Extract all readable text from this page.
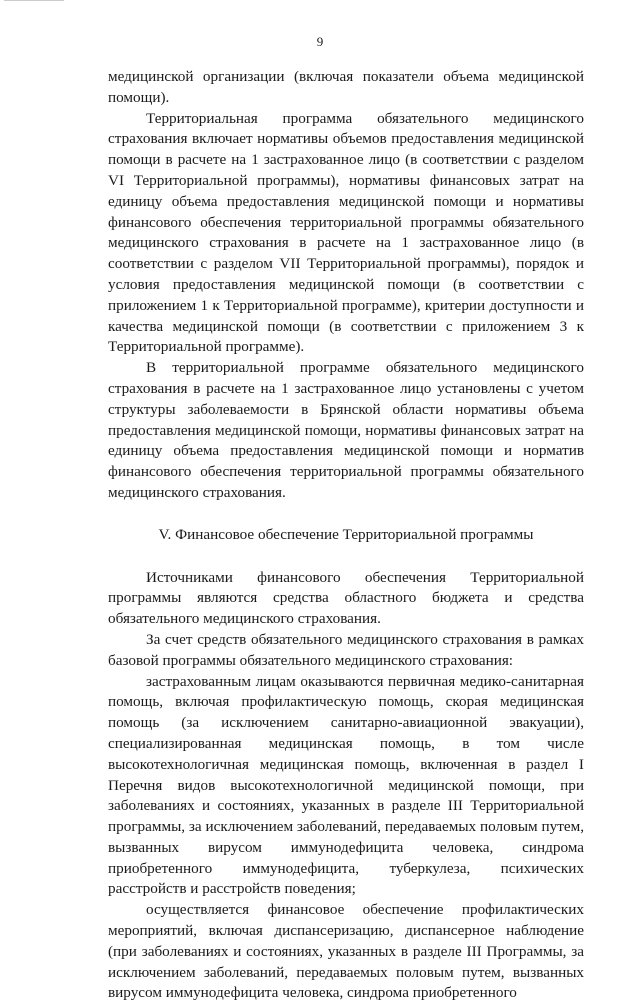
9

медицинской организации (включая показатели объема медицинской помощи).

Территориальная программа обязательного медицинского страхования включает нормативы объемов предоставления медицинской помощи в расчете на 1 застрахованное лицо (в соответствии с разделом VI Территориальной программы), нормативы финансовых затрат на единицу объема предоставления медицинской помощи и нормативы финансового обеспечения территориальной программы обязательного медицинского страхования в расчете на 1 застрахованное лицо (в соответствии с разделом VII Территориальной программы), порядок и условия предоставления медицинской помощи (в соответствии с приложением 1 к Территориальной программе), критерии доступности и качества медицинской помощи (в соответствии с приложением 3 к Территориальной программе).

В территориальной программе обязательного медицинского страхования в расчете на 1 застрахованное лицо установлены с учетом структуры заболеваемости в Брянской области нормативы объема предоставления медицинской помощи, нормативы финансовых затрат на единицу объема предоставления медицинской помощи и норматив финансового обеспечения территориальной программы обязательного медицинского страхования.

V. Финансовое обеспечение Территориальной программы

Источниками финансового обеспечения Территориальной программы являются средства областного бюджета и средства обязательного медицинского страхования.

За счет средств обязательного медицинского страхования в рамках базовой программы обязательного медицинского страхования:

застрахованным лицам оказываются первичная медико-санитарная помощь, включая профилактическую помощь, скорая медицинская помощь (за исключением санитарно-авиационной эвакуации), специализированная медицинская помощь, в том числе высокотехнологичная медицинская помощь, включенная в раздел I Перечня видов высокотехнологичной медицинской помощи, при заболеваниях и состояниях, указанных в разделе III Территориальной программы, за исключением заболеваний, передаваемых половым путем, вызванных вирусом иммунодефицита человека, синдрома приобретенного иммунодефицита, туберкулеза, психических расстройств и расстройств поведения;

осуществляется финансовое обеспечение профилактических мероприятий, включая диспансеризацию, диспансерное наблюдение (при заболеваниях и состояниях, указанных в разделе III Программы, за исключением заболеваний, передаваемых половым путем, вызванных вирусом иммунодефицита человека, синдрома приобретенного
